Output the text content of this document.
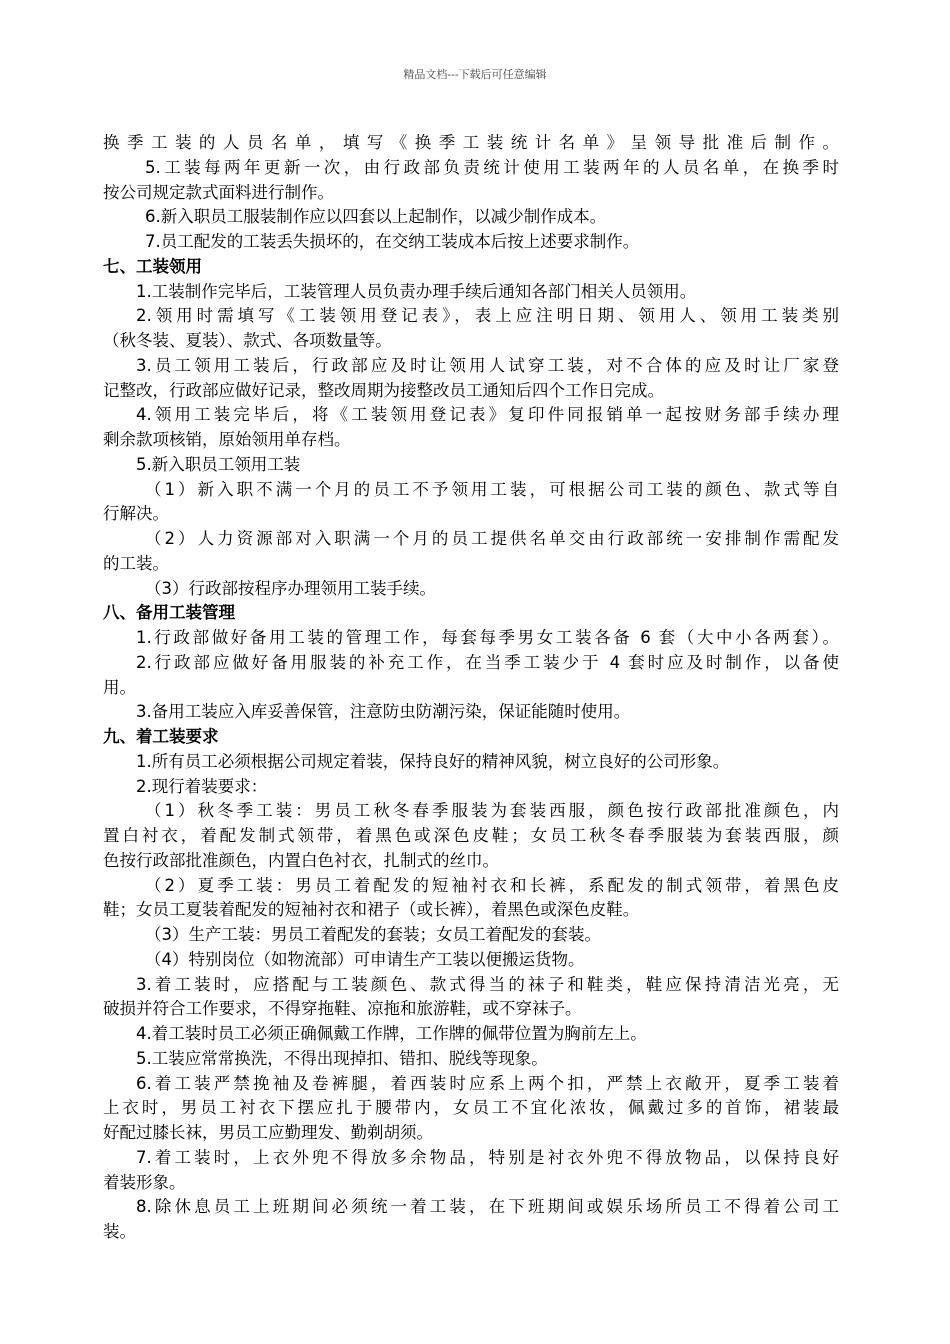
精品文档---下载后可任意编辑
换季工装的人员名单，填写《换季工装统计名单》呈领导批准后制作。
5.工装每两年更新一次，由行政部负责统计使用工装两年的人员名单，在换季时
按公司规定款式面料进行制作。
6.新入职员工服装制作应以四套以上起制作，以减少制作成本。
7.员工配发的工装丢失损坏的，在交纳工装成本后按上述要求制作。
七、工装领用
1.工装制作完毕后，工装管理人员负责办理手续后通知各部门相关人员领用。
2.领用时需填写《工装领用登记表》，表上应注明日期、领用人、领用工装类别
（秋冬装、夏装）、款式、各项数量等。
3.员工领用工装后，行政部应及时让领用人试穿工装，对不合体的应及时让厂家登
记整改，行政部应做好记录，整改周期为接整改员工通知后四个工作日完成。
4.领用工装完毕后，将《工装领用登记表》复印件同报销单一起按财务部手续办理
剩余款项核销，原始领用单存档。
5.新入职员工领用工装
（1）新入职不满一个月的员工不予领用工装，可根据公司工装的颜色、款式等自
行解决。
（2）人力资源部对入职满一个月的员工提供名单交由行政部统一安排制作需配发
的工装。
（3）行政部按程序办理领用工装手续。
八、备用工装管理
1.行政部做好备用工装的管理工作，每套每季男女工装各备 6 套（大中小各两套）。
2.行政部应做好备用服装的补充工作，在当季工装少于 4 套时应及时制作，以备使
用。
3.备用工装应入库妥善保管，注意防虫防潮污染，保证能随时使用。
九、着工装要求
1.所有员工必须根据公司规定着装，保持良好的精神风貌，树立良好的公司形象。
2.现行着装要求：
（1）秋冬季工装：男员工秋冬春季服装为套装西服，颜色按行政部批准颜色，内
置白衬衣，着配发制式领带，着黑色或深色皮鞋；女员工秋冬春季服装为套装西服，颜
色按行政部批准颜色，内置白色衬衣，扎制式的丝巾。
（2）夏季工装：男员工着配发的短袖衬衣和长裤，系配发的制式领带，着黑色皮
鞋；女员工夏装着配发的短袖衬衣和裙子（或长裤），着黑色或深色皮鞋。
（3）生产工装：男员工着配发的套装；女员工着配发的套装。
（4）特别岗位（如物流部）可申请生产工装以便搬运货物。
3.着工装时，应搭配与工装颜色、款式得当的袜子和鞋类，鞋应保持清洁光亮，无
破损并符合工作要求，不得穿拖鞋、凉拖和旅游鞋，或不穿袜子。
4.着工装时员工必须正确佩戴工作牌，工作牌的佩带位置为胸前左上。
5.工装应常常换洗，不得出现掉扣、错扣、脱线等现象。
6.着工装严禁挽袖及卷裤腿，着西装时应系上两个扣，严禁上衣敞开，夏季工装着
上衣时，男员工衬衣下摆应扎于腰带内，女员工不宜化浓妆，佩戴过多的首饰，裙装最
好配过膝长袜，男员工应勤理发、勤剃胡须。
7.着工装时，上衣外兜不得放多余物品，特别是衬衣外兜不得放物品，以保持良好
着装形象。
8.除休息员工上班期间必须统一着工装，在下班期间或娱乐场所员工不得着公司工
装。
